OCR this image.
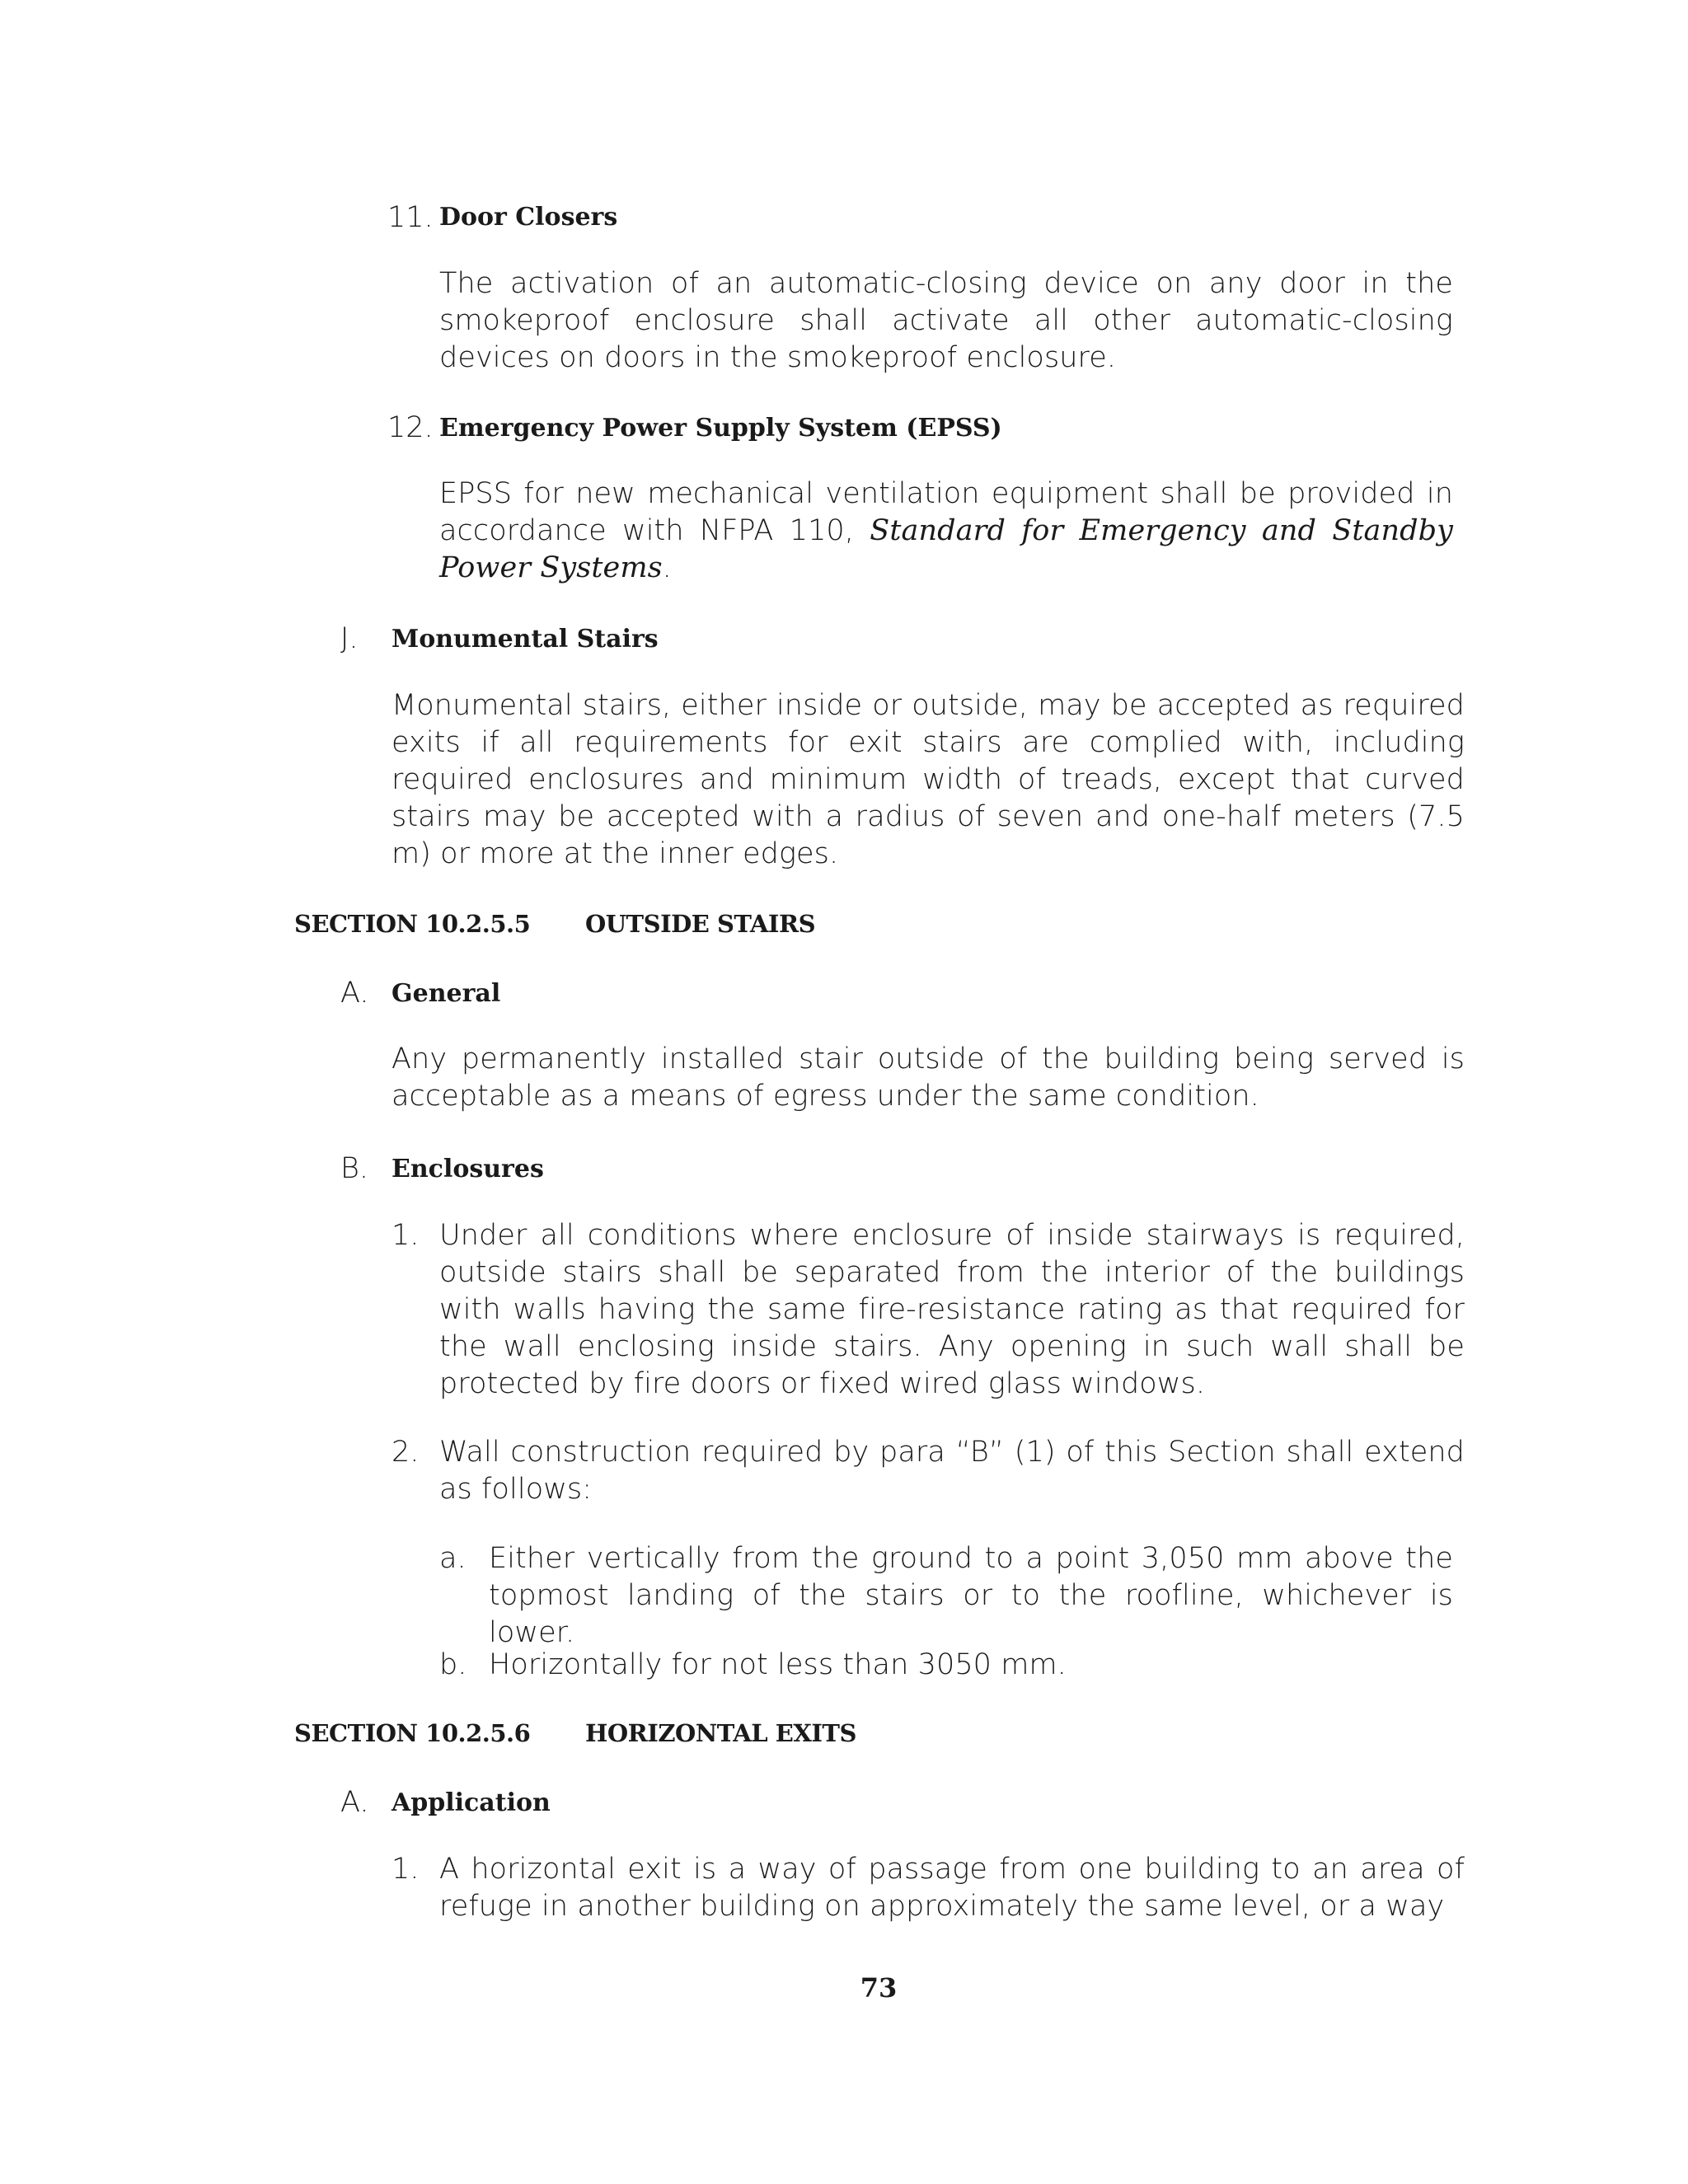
11. Door Closers
The activation of an automatic-closing device on any door in the smokeproof enclosure shall activate all other automatic-closing devices on doors in the smokeproof enclosure.
12. Emergency Power Supply System (EPSS)
EPSS for new mechanical ventilation equipment shall be provided in accordance with NFPA 110, Standard for Emergency and Standby Power Systems.
J. Monumental Stairs
Monumental stairs, either inside or outside, may be accepted as required exits if all requirements for exit stairs are complied with, including required enclosures and minimum width of treads, except that curved stairs may be accepted with a radius of seven and one-half meters (7.5 m) or more at the inner edges.
SECTION 10.2.5.5 OUTSIDE STAIRS
A. General
Any permanently installed stair outside of the building being served is acceptable as a means of egress under the same condition.
B. Enclosures
1. Under all conditions where enclosure of inside stairways is required, outside stairs shall be separated from the interior of the buildings with walls having the same fire-resistance rating as that required for the wall enclosing inside stairs. Any opening in such wall shall be protected by fire doors or fixed wired glass windows.
2. Wall construction required by para “B” (1) of this Section shall extend as follows:
a. Either vertically from the ground to a point 3,050 mm above the topmost landing of the stairs or to the roofline, whichever is lower.
b. Horizontally for not less than 3050 mm.
SECTION 10.2.5.6 HORIZONTAL EXITS
A. Application
1. A horizontal exit is a way of passage from one building to an area of refuge in another building on approximately the same level, or a way
73
